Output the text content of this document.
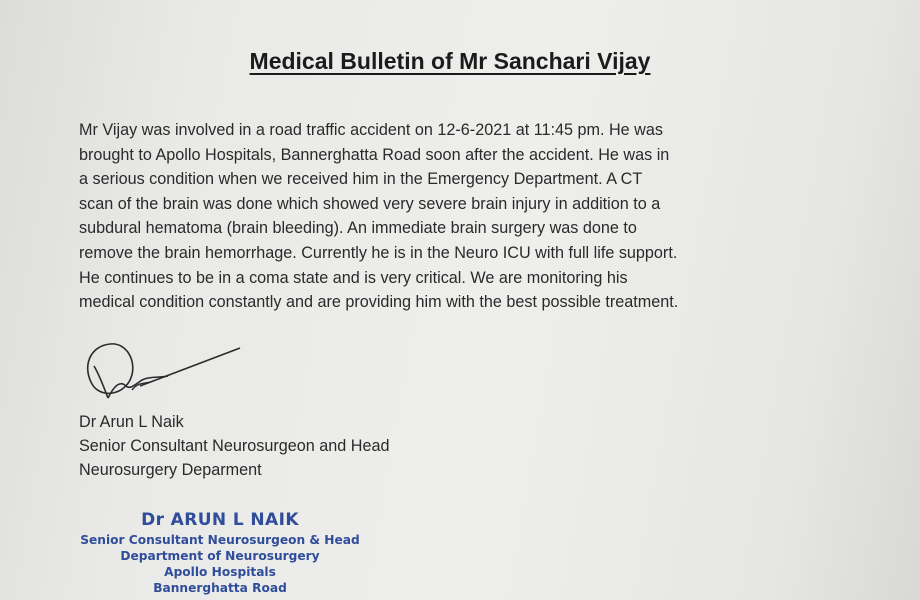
Medical Bulletin of Mr Sanchari Vijay
Mr Vijay was involved in a road traffic accident on 12-6-2021 at 11:45 pm. He was
brought to Apollo Hospitals, Bannerghatta Road soon after the accident. He was in
a serious condition when we received him in the Emergency Department. A CT
scan of the brain was done which showed very severe brain injury in addition to a
subdural hematoma (brain bleeding). An immediate brain surgery was done to
remove the brain hemorrhage. Currently he is in the Neuro ICU with full life support.
He continues to be in a coma state and is very critical. We are monitoring his
medical condition constantly and are providing him with the best possible treatment.
Dr Arun L Naik
Senior Consultant Neurosurgeon and Head
Neurosurgery Deparment
Dr ARUN L NAIK
Senior Consultant Neurosurgeon & Head
Department of Neurosurgery
Apollo Hospitals
Bannerghatta Road
